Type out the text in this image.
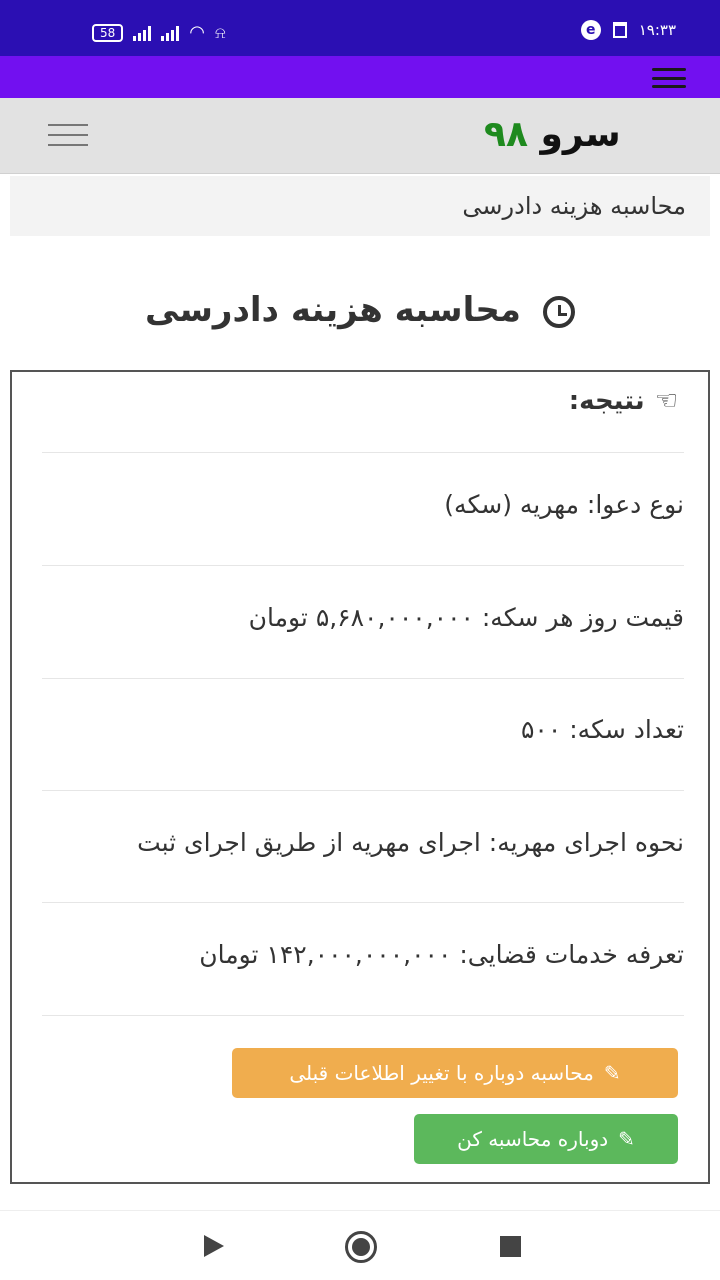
58	◠ ⍾	e	۱۹:۳۳
سرو ۹۸
محاسبه هزینه دادرسی
محاسبه هزینه دادرسی
☜
نتیجه:
نوع دعوا: مهریه (سکه)
قیمت روز هر سکه: ۵,۶۸۰,۰۰۰,۰۰۰ تومان
تعداد سکه: ۵۰۰
نحوه اجرای مهریه: اجرای مهریه از طریق اجرای ثبت
تعرفه خدمات قضایی: ۱۴۲,۰۰۰,۰۰۰,۰۰۰ تومان
✎
محاسبه دوباره با تغییر اطلاعات قبلی
✎
دوباره محاسبه کن
